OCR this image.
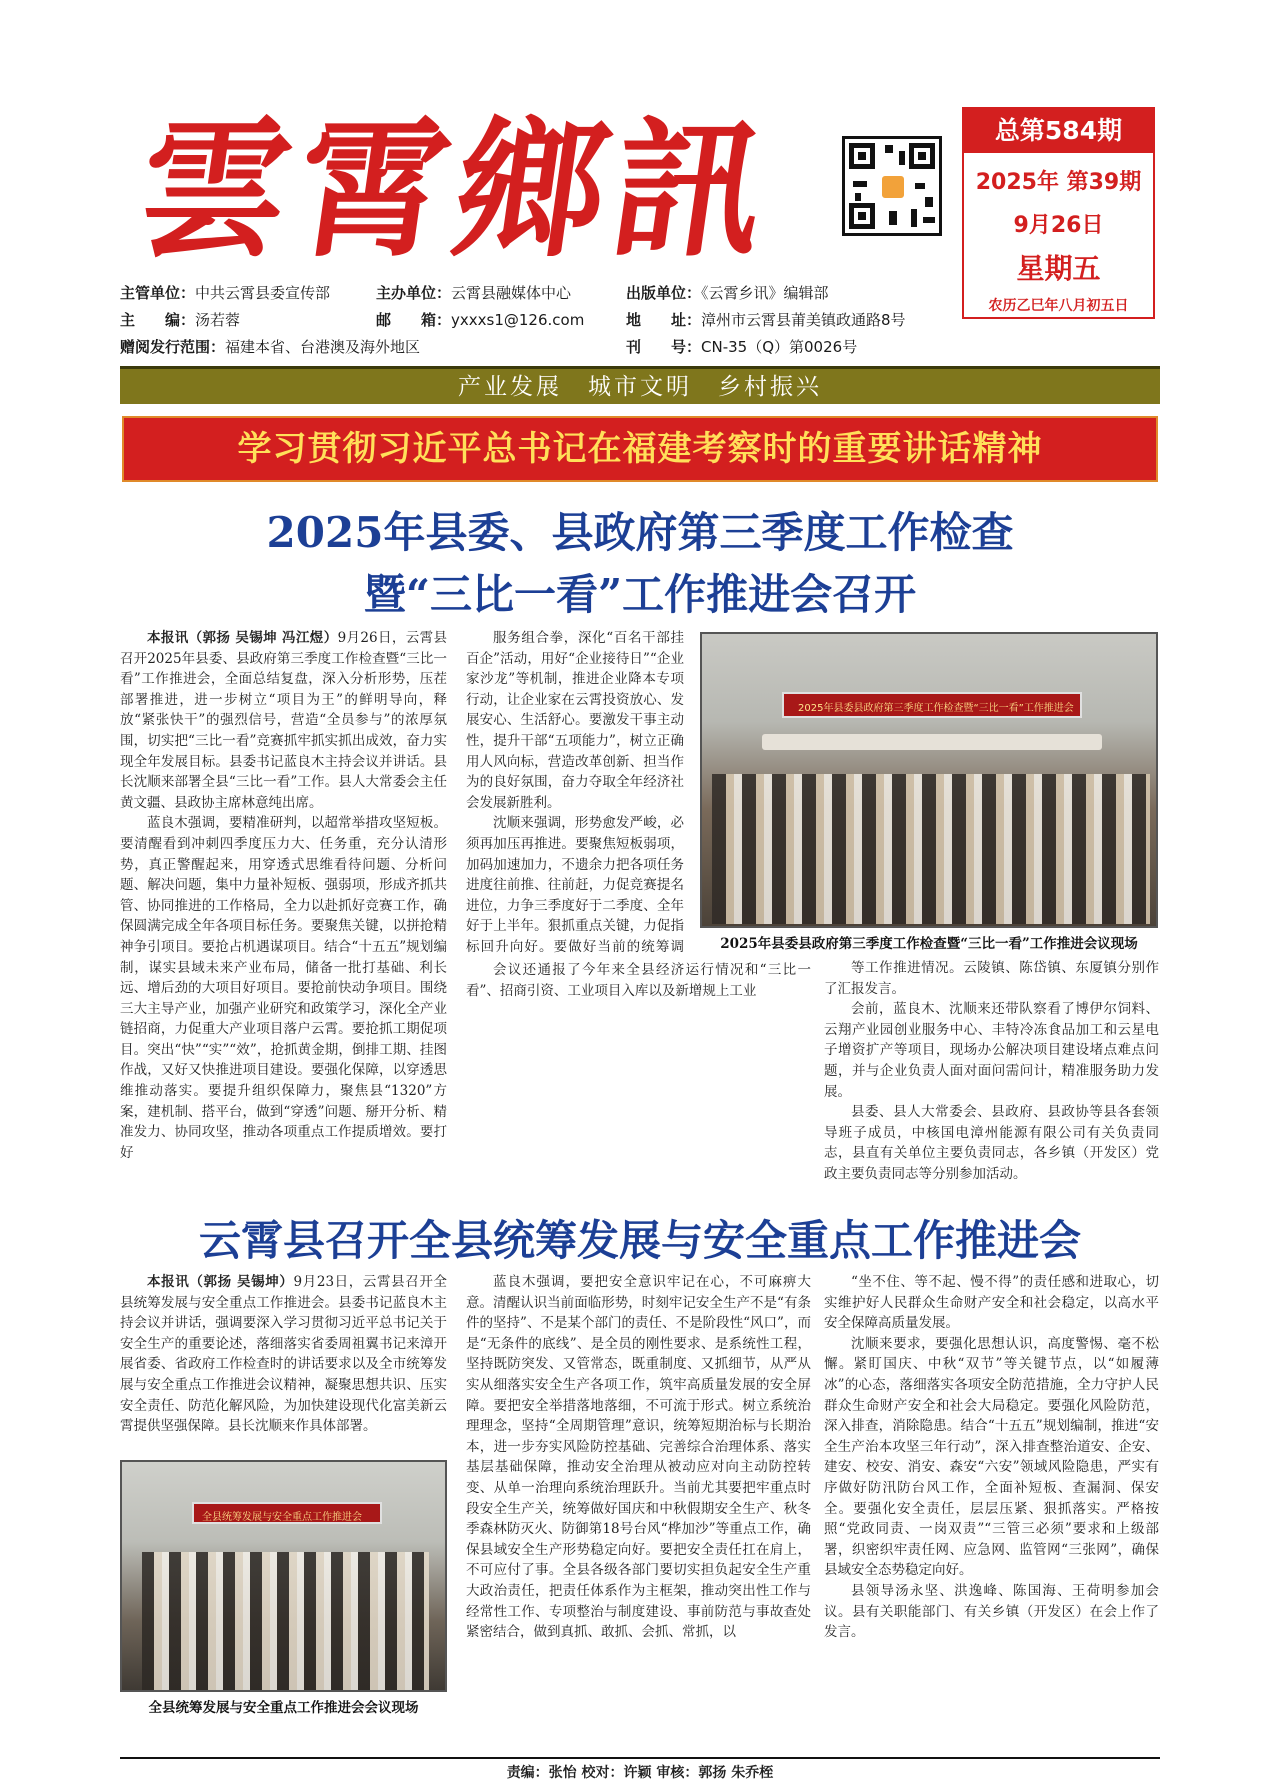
雲
霄
鄉
訊	总第584期
2025年 第39期
9月26日
星期五
农历乙巳年八月初五日
主管单位：中共云霄县委宣传部	主办单位：云霄县融媒体中心	出版单位：《云霄乡讯》编辑部
主　　编：汤若蓉	邮　　箱：yxxxs1@126.com	地　　址：漳州市云霄县莆美镇政通路8号
赠阅发行范围：福建本省、台港澳及海外地区	刊　　号：CN-35（Q）第0026号
产业发展　城市文明　乡村振兴
学习贯彻习近平总书记在福建考察时的重要讲话精神
2025年县委、县政府第三季度工作检查
暨“三比一看”工作推进会召开

本报讯（郭扬 吴锡坤 冯江煜）9月26日，云霄县召开2025年县委、县政府第三季度工作检查暨“三比一看”工作推进会，全面总结复盘，深入分析形势，压茬部署推进，进一步树立“项目为王”的鲜明导向，释放“紧张快干”的强烈信号，营造“全员参与”的浓厚氛围，切实把“三比一看”竞赛抓牢抓实抓出成效，奋力实现全年发展目标。县委书记蓝良木主持会议并讲话。县长沈顺来部署全县“三比一看”工作。县人大常委会主任黄文疆、县政协主席林意纯出席。

蓝良木强调，要精准研判，以超常举措攻坚短板。要清醒看到冲刺四季度压力大、任务重，充分认清形势，真正警醒起来，用穿透式思维看待问题、分析问题、解决问题，集中力量补短板、强弱项，形成齐抓共管、协同推进的工作格局，全力以赴抓好竞赛工作，确保圆满完成全年各项目标任务。要聚焦关键，以拼抢精神争引项目。要抢占机遇谋项目。结合“十五五”规划编制，谋实县域未来产业布局，储备一批打基础、利长远、增后劲的大项目好项目。要抢前快动争项目。围绕三大主导产业，加强产业研究和政策学习，深化全产业链招商，力促重大产业项目落户云霄。要抢抓工期促项目。突出“快”“实”“效”，抢抓黄金期，倒排工期、挂图作战，又好又快推进项目建设。要强化保障，以穿透思维推动落实。要提升组织保障力，聚焦县“1320”方案，建机制、搭平台，做到“穿透”问题、掰开分析、精准发力、协同攻坚，推动各项重点工作提质增效。要打好

服务组合拳，深化“百名干部挂百企”活动，用好“企业接待日”“企业家沙龙”等机制，推进企业降本专项行动，让企业家在云霄投资放心、发展安心、生活舒心。要激发干事主动性，提升干部“五项能力”，树立正确用人风向标，营造改革创新、担当作为的良好氛围，奋力夺取全年经济社会发展新胜利。

沈顺来强调，形势愈发严峻，必须再加压再推进。要聚焦短板弱项，加码加速加力，不遗余力把各项任务进度往前推、往前赶，力促竞赛提名进位，力争三季度好于二季度、全年好于上半年。狠抓重点关键，力促指标回升向好。要做好当前的统筹调

2025年县委县政府第三季度工作检查暨“三比一看”工作推进会
2025年县委县政府第三季度工作检查暨“三比一看”工作推进会议现场

会议还通报了今年来全县经济运行情况和“三比一看”、招商引资、工业项目入库以及新增规上工业

等工作推进情况。云陵镇、陈岱镇、东厦镇分别作了汇报发言。

会前，蓝良木、沈顺来还带队察看了博伊尔饲料、云翔产业园创业服务中心、丰特冷冻食品加工和云星电子增资扩产等项目，现场办公解决项目建设堵点难点问题，并与企业负责人面对面问需问计，精准服务助力发展。

县委、县人大常委会、县政府、县政协等县各套领导班子成员，中核国电漳州能源有限公司有关负责同志，县直有关单位主要负责同志，各乡镇（开发区）党政主要负责同志等分别参加活动。

云霄县召开全县统筹发展与安全重点工作推进会

本报讯（郭扬 吴锡坤）9月23日，云霄县召开全县统筹发展与安全重点工作推进会。县委书记蓝良木主持会议并讲话，强调要深入学习贯彻习近平总书记关于安全生产的重要论述，落细落实省委周祖翼书记来漳开展省委、省政府工作检查时的讲话要求以及全市统筹发展与安全重点工作推进会议精神，凝聚思想共识、压实安全责任、防范化解风险，为加快建设现代化富美新云霄提供坚强保障。县长沈顺来作具体部署。

全县统筹发展与安全重点工作推进会
全县统筹发展与安全重点工作推进会会议现场

蓝良木强调，要把安全意识牢记在心，不可麻痹大意。清醒认识当前面临形势，时刻牢记安全生产不是“有条件的坚持”、不是某个部门的责任、不是阶段性“风口”，而是“无条件的底线”、是全员的刚性要求、是系统性工程，坚持既防突发、又管常态，既重制度、又抓细节，从严从实从细落实安全生产各项工作，筑牢高质量发展的安全屏障。要把安全举措落地落细，不可流于形式。树立系统治理理念，坚持“全周期管理”意识，统筹短期治标与长期治本，进一步夯实风险防控基础、完善综合治理体系、落实基层基础保障，推动安全治理从被动应对向主动防控转变、从单一治理向系统治理跃升。当前尤其要把牢重点时段安全生产关，统筹做好国庆和中秋假期安全生产、秋冬季森林防灭火、防御第18号台风“桦加沙”等重点工作，确保县域安全生产形势稳定向好。要把安全责任扛在肩上，不可应付了事。全县各级各部门要切实担负起安全生产重大政治责任，把责任体系作为主框架，推动突出性工作与经常性工作、专项整治与制度建设、事前防范与事故查处紧密结合，做到真抓、敢抓、会抓、常抓，以

“坐不住、等不起、慢不得”的责任感和进取心，切实维护好人民群众生命财产安全和社会稳定，以高水平安全保障高质量发展。

沈顺来要求，要强化思想认识，高度警惕、毫不松懈。紧盯国庆、中秋“双节”等关键节点，以“如履薄冰”的心态，落细落实各项安全防范措施，全力守护人民群众生命财产安全和社会大局稳定。要强化风险防范，深入排查，消除隐患。结合“十五五”规划编制，推进“安全生产治本攻坚三年行动”，深入排查整治道安、企安、建安、校安、消安、森安“六安”领域风险隐患，严实有序做好防汛防台风工作，全面补短板、查漏洞、保安全。要强化安全责任，层层压紧、狠抓落实。严格按照“党政同责、一岗双责”“三管三必须”要求和上级部署，织密织牢责任网、应急网、监管网“三张网”，确保县域安全态势稳定向好。

县领导汤永坚、洪逸峰、陈国海、王荷明参加会议。县有关职能部门、有关乡镇（开发区）在会上作了发言。

责编：张怡 校对：许颖 审核：郭扬 朱乔桎
